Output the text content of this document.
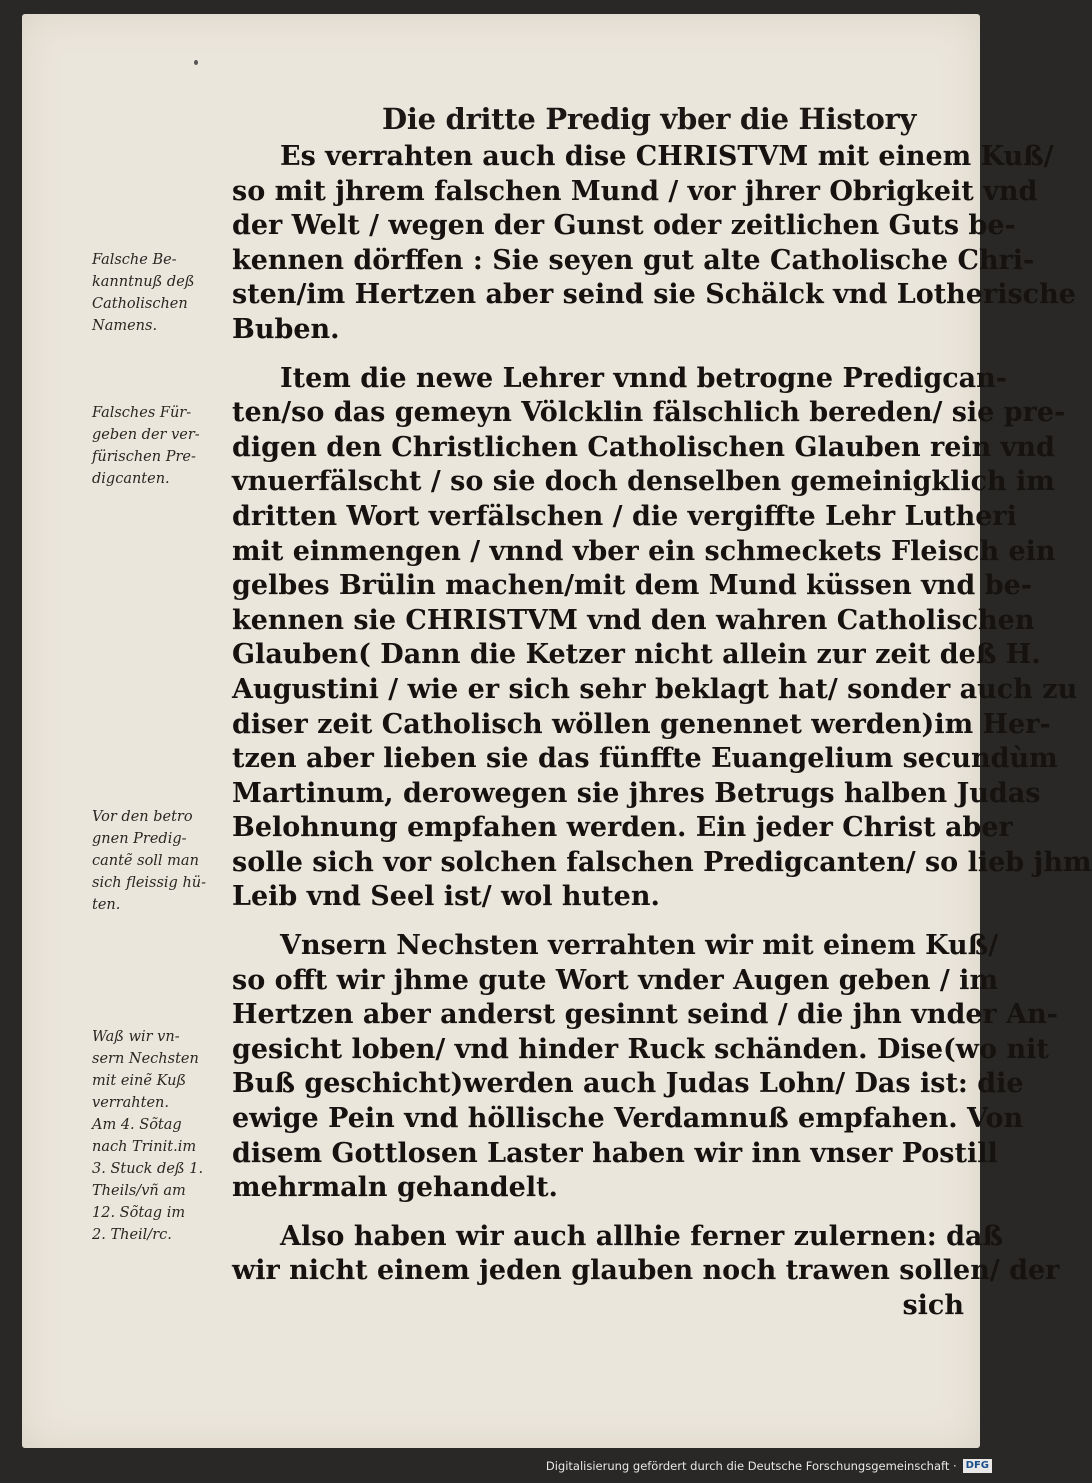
Die dritte Predig vber die History
Es verrahten auch dise CHRISTVM mit einem Kuß/
so mit jhrem falschen Mund / vor jhrer Obrigkeit vnd
der Welt / wegen der Gunst oder zeitlichen Guts be-
kennen dörffen : Sie seyen gut alte Catholische Chri-
sten/im Hertzen aber seind sie Schälck vnd Lotherische
Buben.
Item die newe Lehrer vnnd betrogne Predigcan-
ten/so das gemeyn Völcklin fälschlich bereden/ sie pre-
digen den Christlichen Catholischen Glauben rein vnd
vnuerfälscht / so sie doch denselben gemeinigklich im
dritten Wort verfälschen / die vergiffte Lehr Lutheri
mit einmengen / vnnd vber ein schmeckets Fleisch ein
gelbes Brülin machen/mit dem Mund küssen vnd be-
kennen sie CHRISTVM vnd den wahren Catholischen
Glauben( Dann die Ketzer nicht allein zur zeit deß H.
Augustini / wie er sich sehr beklagt hat/ sonder auch zu
diser zeit Catholisch wöllen genennet werden)im Her-
tzen aber lieben sie das fünffte Euangelium secundùm
Martinum, derowegen sie jhres Betrugs halben Judas
Belohnung empfahen werden. Ein jeder Christ aber
solle sich vor solchen falschen Predigcanten/ so lieb jhm
Leib vnd Seel ist/ wol huten.
Vnsern Nechsten verrahten wir mit einem Kuß/
so offt wir jhme gute Wort vnder Augen geben / im
Hertzen aber anderst gesinnt seind / die jhn vnder An-
gesicht loben/ vnd hinder Ruck schänden. Dise(wo nit
Buß geschicht)werden auch Judas Lohn/ Das ist: die
ewige Pein vnd höllische Verdamnuß empfahen. Von
disem Gottlosen Laster haben wir inn vnser Postill
mehrmaln gehandelt.
Also haben wir auch allhie ferner zulernen: daß
wir nicht einem jeden glauben noch trawen sollen/ der
sich
Falsche Be-
kanntnuß deß
Catholischen
Namens.
Falsches Für-
geben der ver-
fürischen Pre-
digcanten.
Vor den betro
gnen Predig-
cantẽ soll man
sich fleissig hü-
ten.
Waß wir vn-
sern Nechsten
mit einẽ Kuß
verrahten.
Am 4. Sõtag
nach Trinit.im
3. Stuck deß 1.
Theils/vñ am
12. Sõtag im
2. Theil/rc.
Digitalisierung gefördert durch die Deutsche Forschungsgemeinschaft · DFG
